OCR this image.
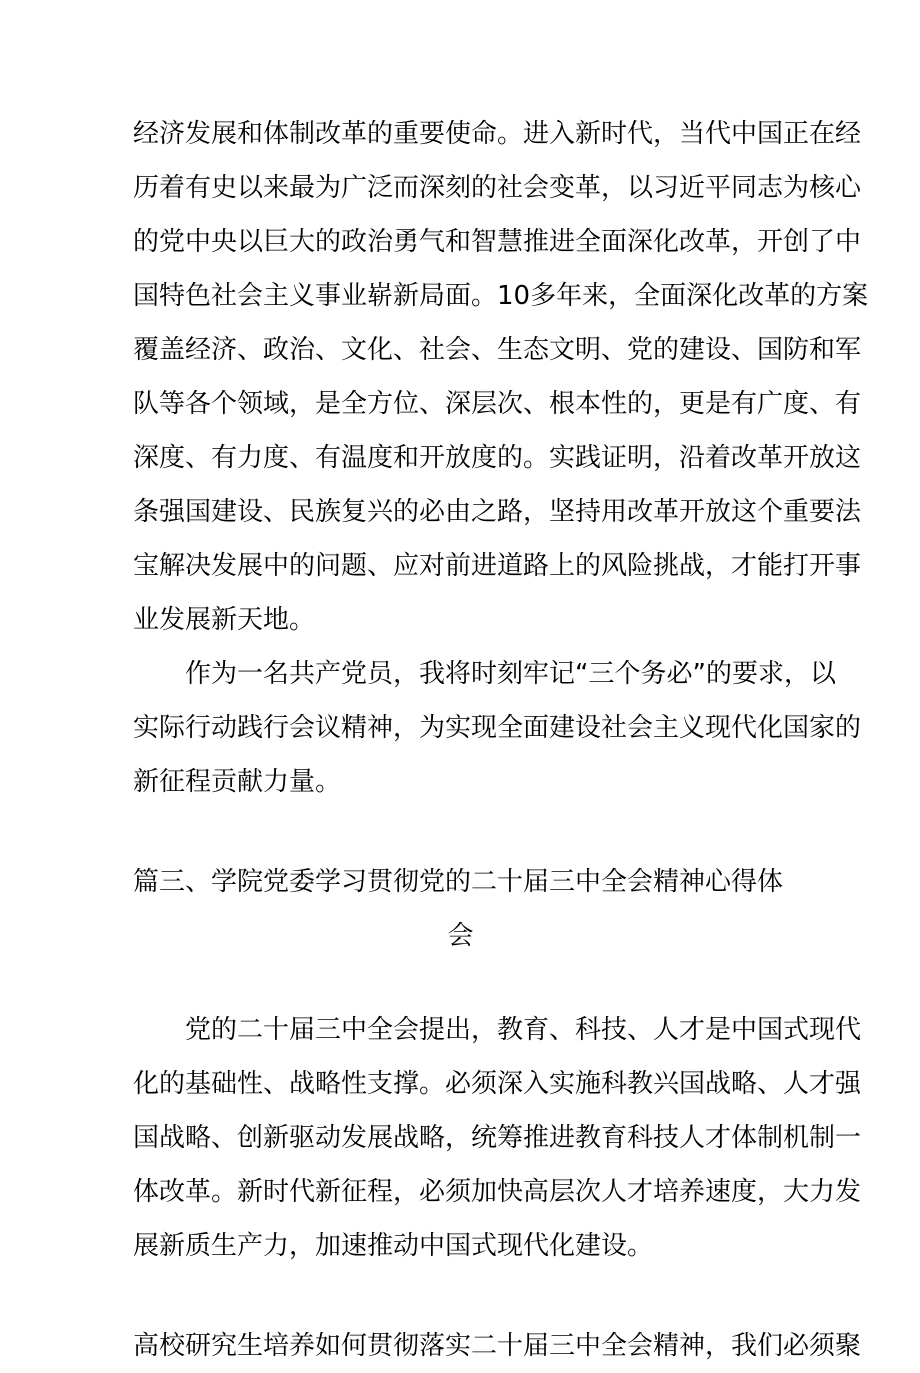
经济发展和体制改革的重要使命。进入新时代，当代中国正在经
历着有史以来最为广泛而深刻的社会变革，以习近平同志为核心
的党中央以巨大的政治勇气和智慧推进全面深化改革，开创了中
国特色社会主义事业崭新局面。10多年来，全面深化改革的方案
覆盖经济、政治、文化、社会、生态文明、党的建设、国防和军
队等各个领域，是全方位、深层次、根本性的，更是有广度、有
深度、有力度、有温度和开放度的。实践证明，沿着改革开放这
条强国建设、民族复兴的必由之路，坚持用改革开放这个重要法
宝解决发展中的问题、应对前进道路上的风险挑战，才能打开事
业发展新天地。
作为一名共产党员，我将时刻牢记“三个务必”的要求，以
实际行动践行会议精神，为实现全面建设社会主义现代化国家的
新征程贡献力量。
篇三、学院党委学习贯彻党的二十届三中全会精神心得体
会
党的二十届三中全会提出，教育、科技、人才是中国式现代
化的基础性、战略性支撑。必须深入实施科教兴国战略、人才强
国战略、创新驱动发展战略，统筹推进教育科技人才体制机制一
体改革。新时代新征程，必须加快高层次人才培养速度，大力发
展新质生产力，加速推动中国式现代化建设。
高校研究生培养如何贯彻落实二十届三中全会精神，我们必须聚
